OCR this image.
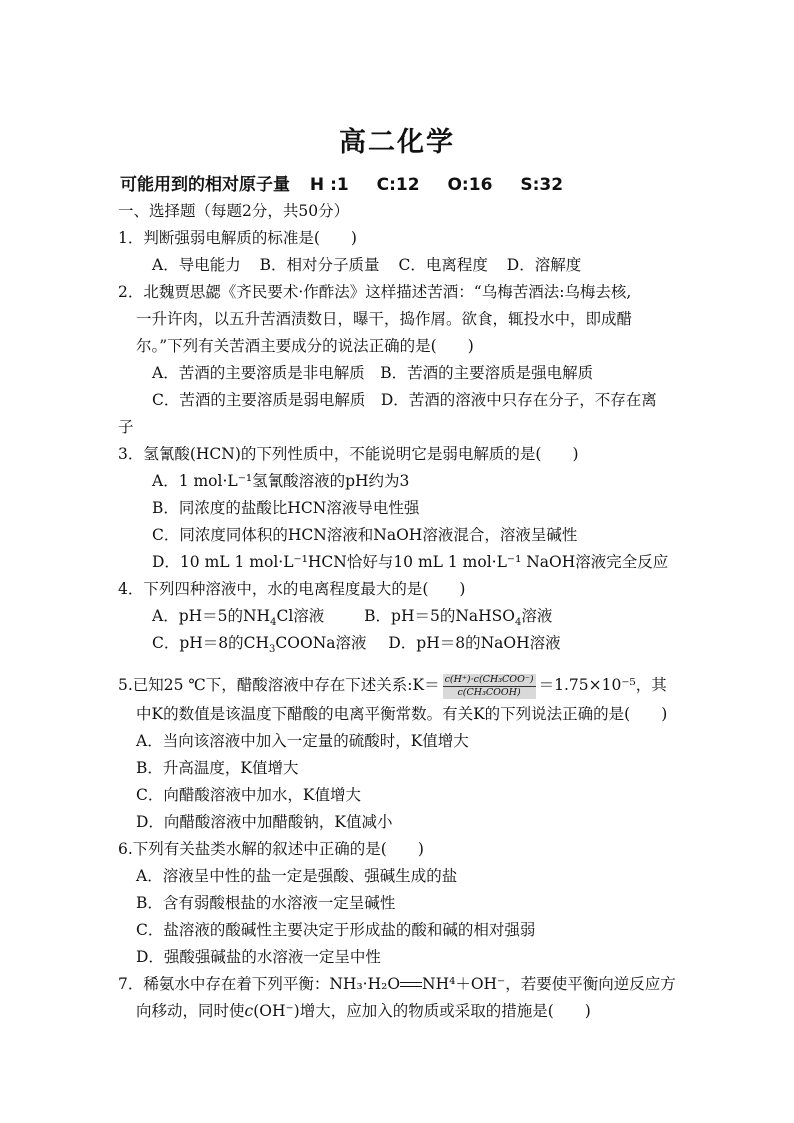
高二化学
可能用到的相对原子量 H :1 C:12 O:16 S:32
一、选择题（每题2分，共50分）
1．判断强弱电解质的标准是(　　)
A．导电能力 B．相对分子质量 C．电离程度 D．溶解度
2．北魏贾思勰《齐民要术·作酢法》这样描述苦酒：“乌梅苦酒法:乌梅去核,
一升许肉，以五升苦酒渍数日，曝干，捣作屑。欲食，辄投水中，即成醋
尔。”下列有关苦酒主要成分的说法正确的是(　　)
A．苦酒的主要溶质是非电解质　B．苦酒的主要溶质是强电解质
C．苦酒的主要溶质是弱电解质　D．苦酒的溶液中只存在分子，不存在离
子
3．氢氰酸(HCN)的下列性质中，不能说明它是弱电解质的是(　　)
A．1 mol·L⁻¹氢氰酸溶液的pH约为3
B．同浓度的盐酸比HCN溶液导电性强
C．同浓度同体积的HCN溶液和NaOH溶液混合，溶液呈碱性
D．10 mL 1 mol·L⁻¹HCN恰好与10 mL 1 mol·L⁻¹ NaOH溶液完全反应
4．下列四种溶液中，水的电离程度最大的是(　　)
A．pH＝5的$NH_4Cl$溶液	B．pH＝5的NaHSO$_4$溶液
C．pH＝8的$CH_3COONa$溶液 D．pH＝8的NaOH溶液
5.已知25 ℃下，醋酸溶液中存在下述关系:K＝ $\frac{\text{c(H⁺)·c(CH₃COO⁻)}}{\text{c(CH₃COOH)}} =1.75\times 10^{-5}$，其
中K的数值是该温度下醋酸的电离平衡常数。有关K的下列说法正确的是(　　)
A．当向该溶液中加入一定量的硫酸时，K值增大
B．升高温度，K值增大
C．向醋酸溶液中加水，K值增大
D．向醋酸溶液中加醋酸钠，K值减小
6.下列有关盐类水解的叙述中正确的是(　　)
A．溶液呈中性的盐一定是强酸、强碱生成的盐
B．含有弱酸根盐的水溶液一定呈碱性
C．盐溶液的酸碱性主要决定于形成盐的酸和碱的相对强弱
D．强酸强碱盐的水溶液一定呈中性
7．稀氨水中存在着下列平衡：NH₃·H₂O NH⁴＋OH⁻，若要使平衡向逆反应方
向移动，同时使c(OH⁻)增大，应加入的物质或采取的措施是(　　)
